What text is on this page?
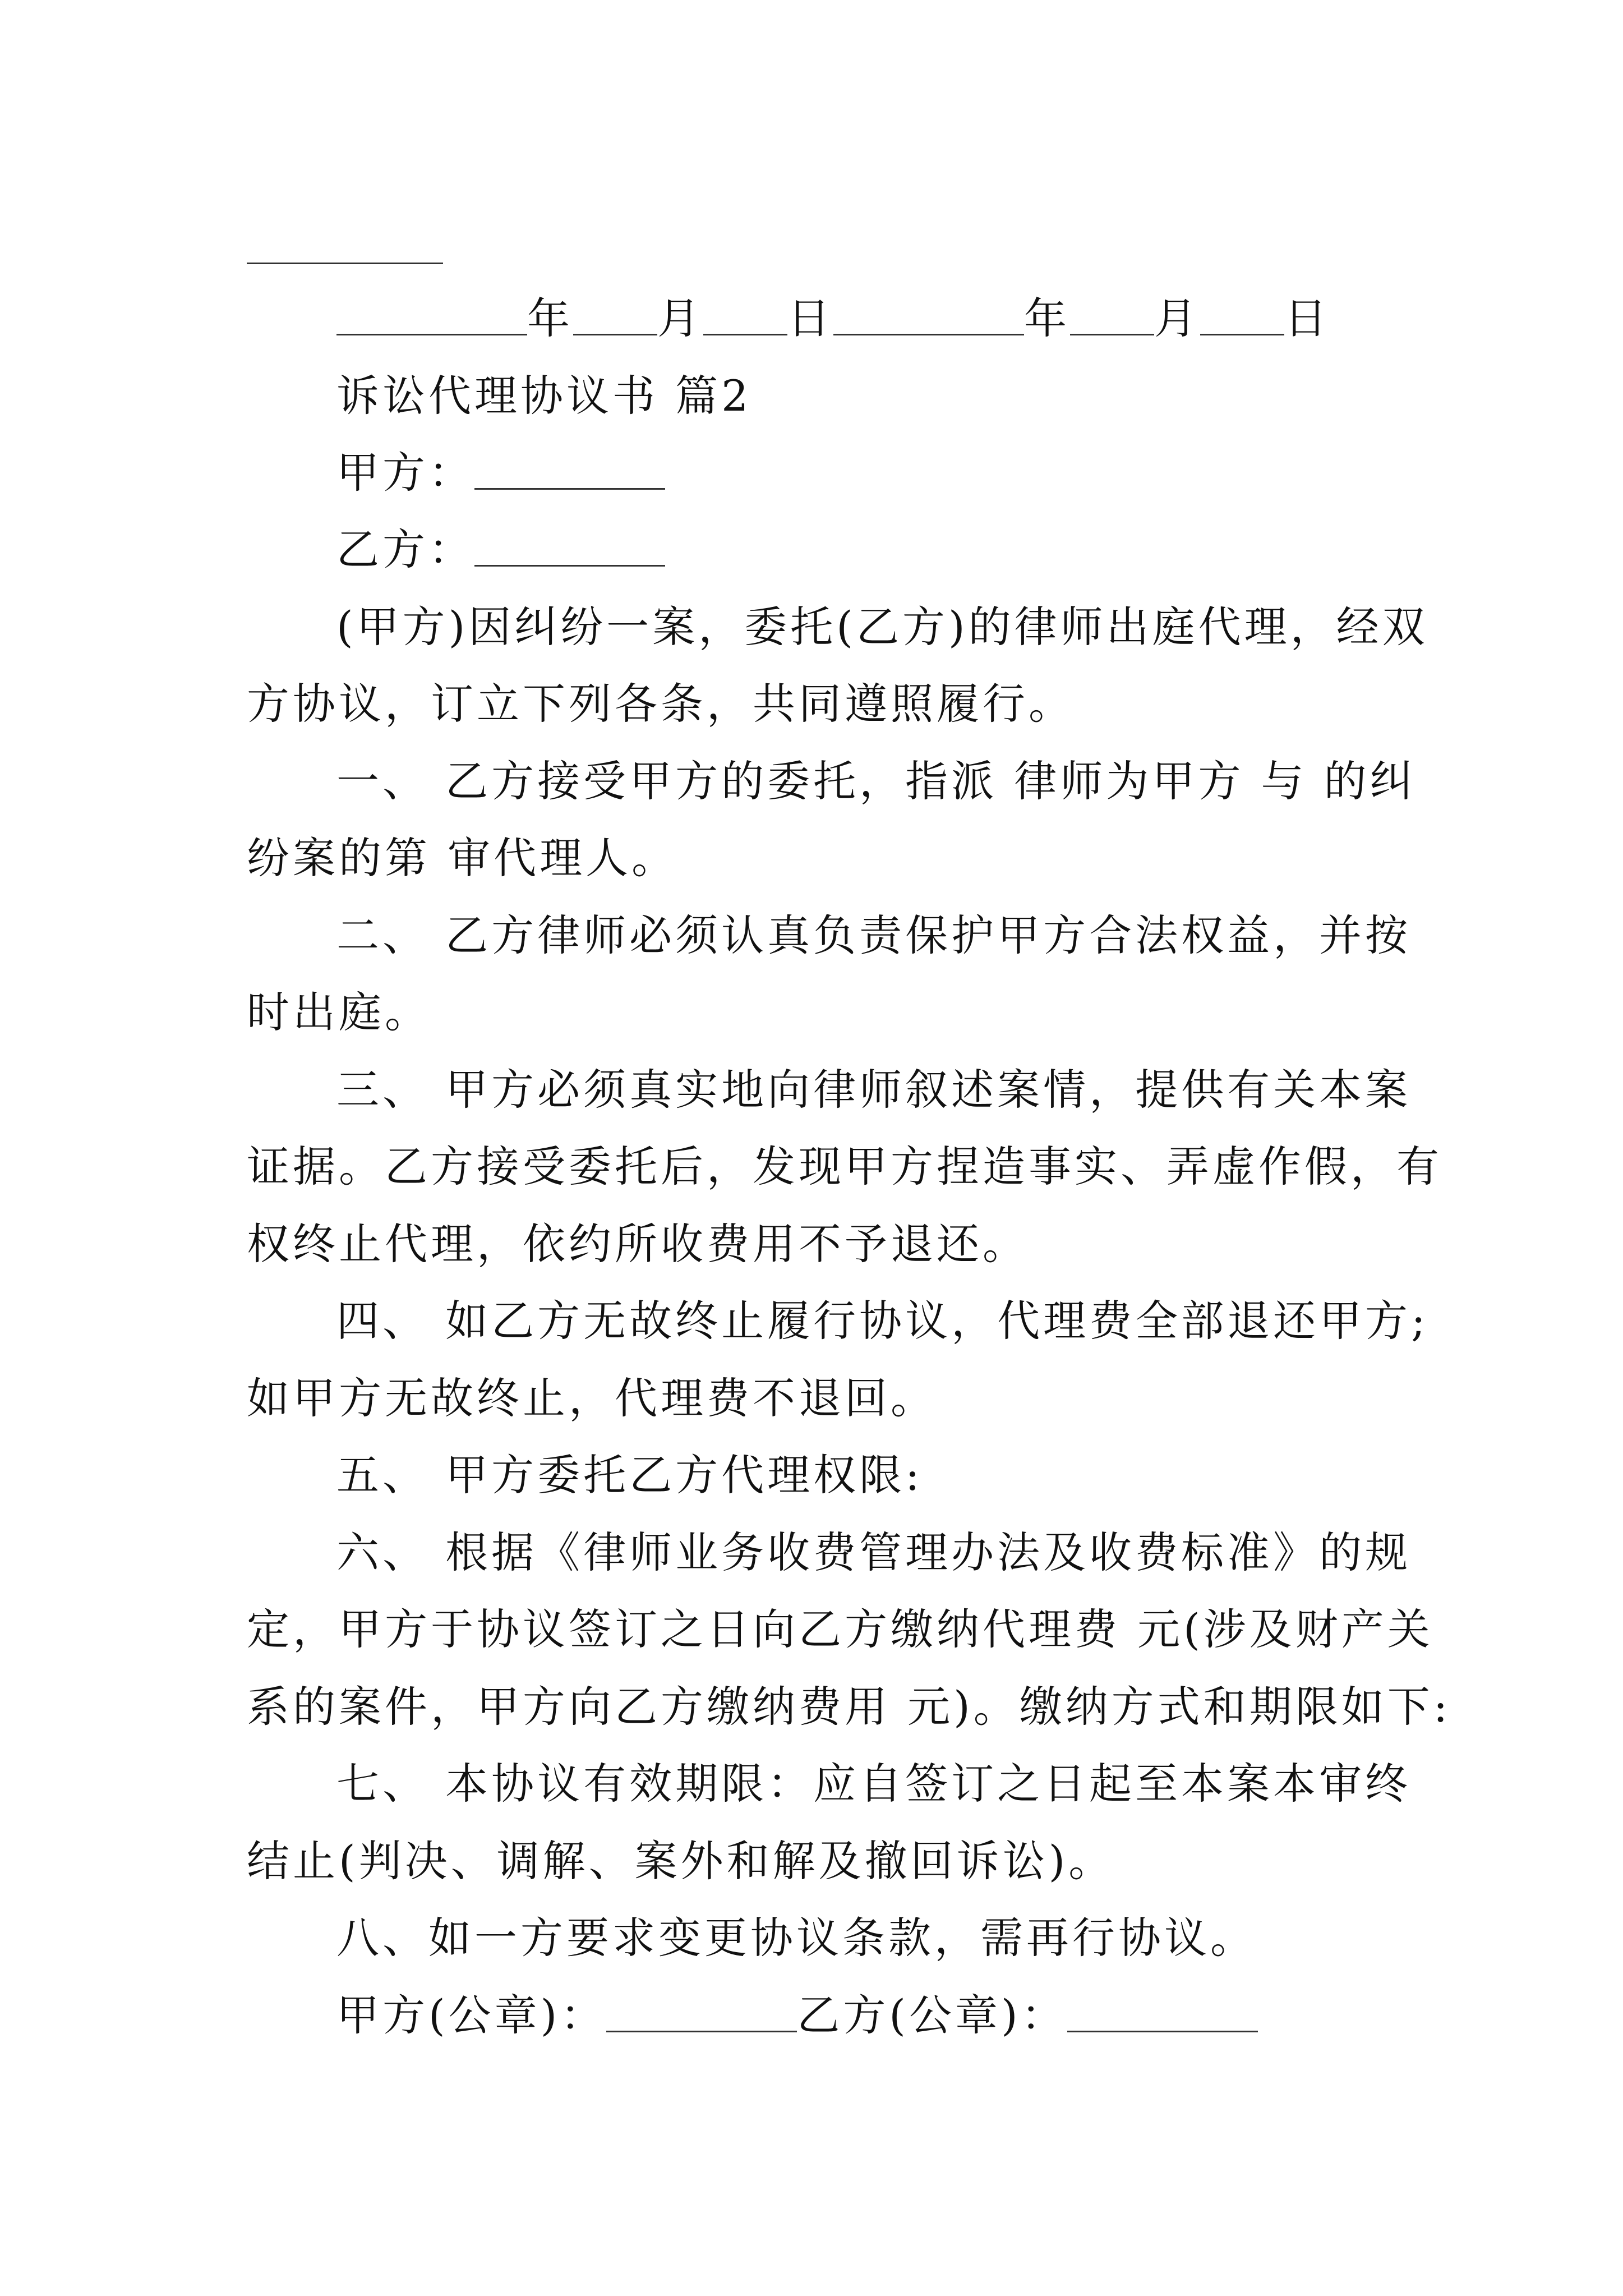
年 月 日	年 月 日
诉讼代理协议书 篇2
甲方：
乙方：
(甲方)因纠纷一案，委托(乙方)的律师出庭代理，经双
方协议，订立下列各条，共同遵照履行。
一、 乙方接受甲方的委托，指派 律师为甲方 与 的纠
纷案的第 审代理人。
二、 乙方律师必须认真负责保护甲方合法权益，并按
时出庭。
三、 甲方必须真实地向律师叙述案情，提供有关本案
证据。乙方接受委托后，发现甲方捏造事实、弄虚作假，有
权终止代理，依约所收费用不予退还。
四、 如乙方无故终止履行协议，代理费全部退还甲方;
如甲方无故终止，代理费不退回。
五、 甲方委托乙方代理权限:
六、 根据《律师业务收费管理办法及收费标准》的规
定，甲方于协议签订之日向乙方缴纳代理费 元(涉及财产关
系的案件，甲方向乙方缴纳费用 元)。缴纳方式和期限如下:
七、 本协议有效期限：应自签订之日起至本案本审终
结止(判决、调解、案外和解及撤回诉讼)。
八、如一方要求变更协议条款，需再行协议。
甲方(公章)：	乙方(公章)：
